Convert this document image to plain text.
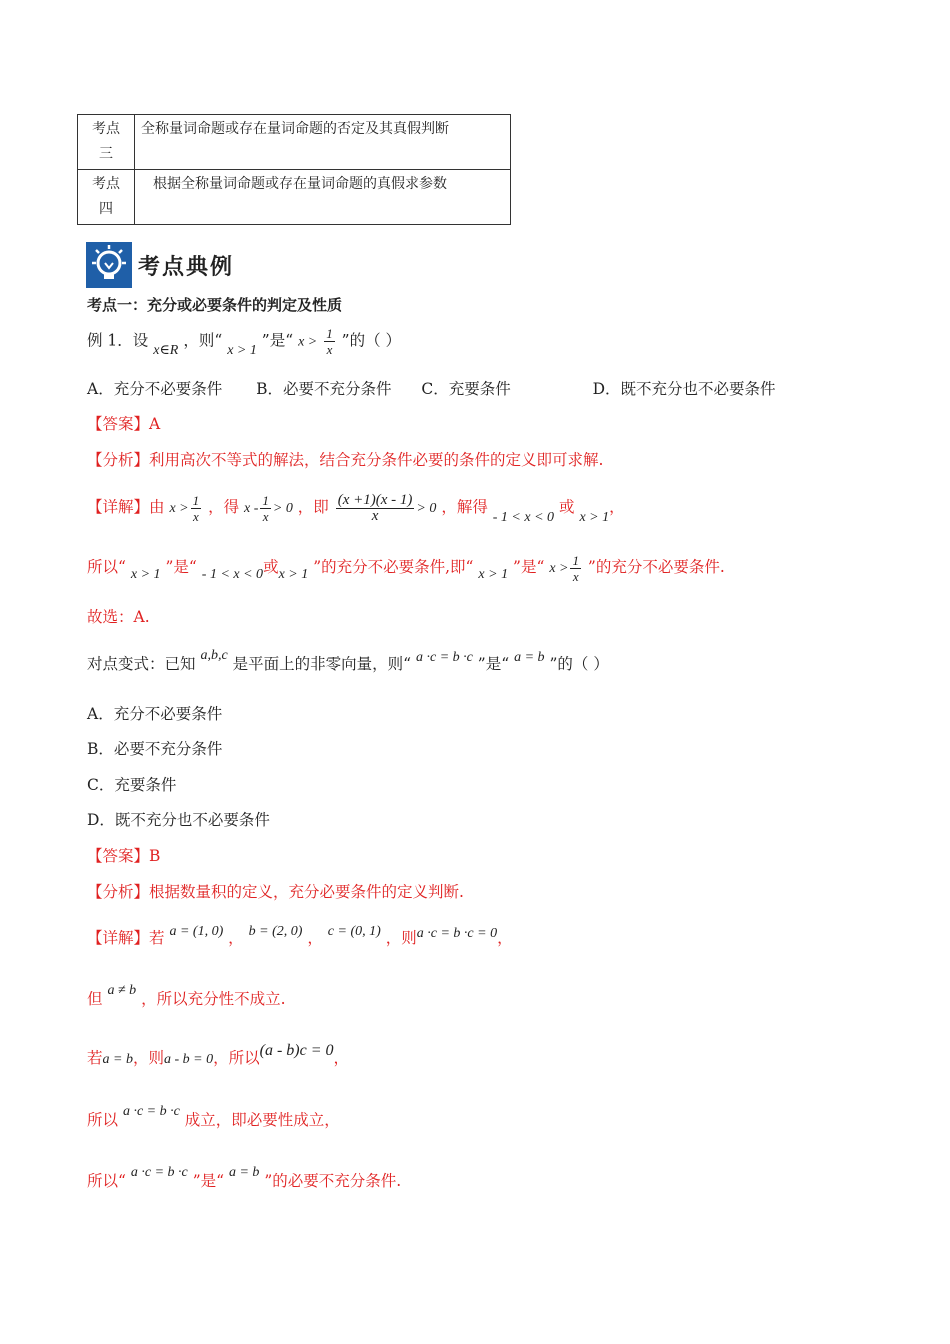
考点
三	全称量词命题或存在量词命题的否定及其真假判断
考点
四	根据全称量词命题或存在量词命题的真假求参数
考点典例
考点一：充分或必要条件的判定及性质
例 1．设 x∈R ，则“ x > 1 ”是“ $x > \frac{1}{x}$ ”的（ ）
A．充分不必要条件 B．必要不充分条件 C．充要条件	D．既不充分也不必要条件
【答案】A
【分析】利用高次不等式的解法，结合充分条件必要的条件的定义即可求解.
【详解】由 $x > \frac{1}{x}$ ，得 $x - \frac{1}{x} > 0$ ，即 $\frac{(x +1)(x - 1)}{x} > 0$ ，解得 - 1 < x < 0 或 x > 1，
所以“ x > 1 ”是“ - 1 < x < 0或x > 1 ”的充分不必要条件,即“ x > 1 ”是“ $x > \frac{1}{x}$ ”的充分不必要条件.
故选：A.
对点变式：已知 a,b,c 是平面上的非零向量，则“ a ·c = b ·c ”是“ a = b ”的（ ）
A．充分不必要条件
B．必要不充分条件
C．充要条件
D．既不充分也不必要条件
【答案】B
【分析】根据数量积的定义，充分必要条件的定义判断.
【详解】若 a = (1, 0) ， b = (2, 0) ， c = (0, 1) ，则a ·c = b ·c = 0，
但 a ≠ b ，所以充分性不成立.
若a = b，则a - b = 0，所以(a - b)c = 0，
所以 a ·c = b ·c 成立，即必要性成立，
所以“ a ·c = b ·c ”是“ a = b ”的必要不充分条件.
